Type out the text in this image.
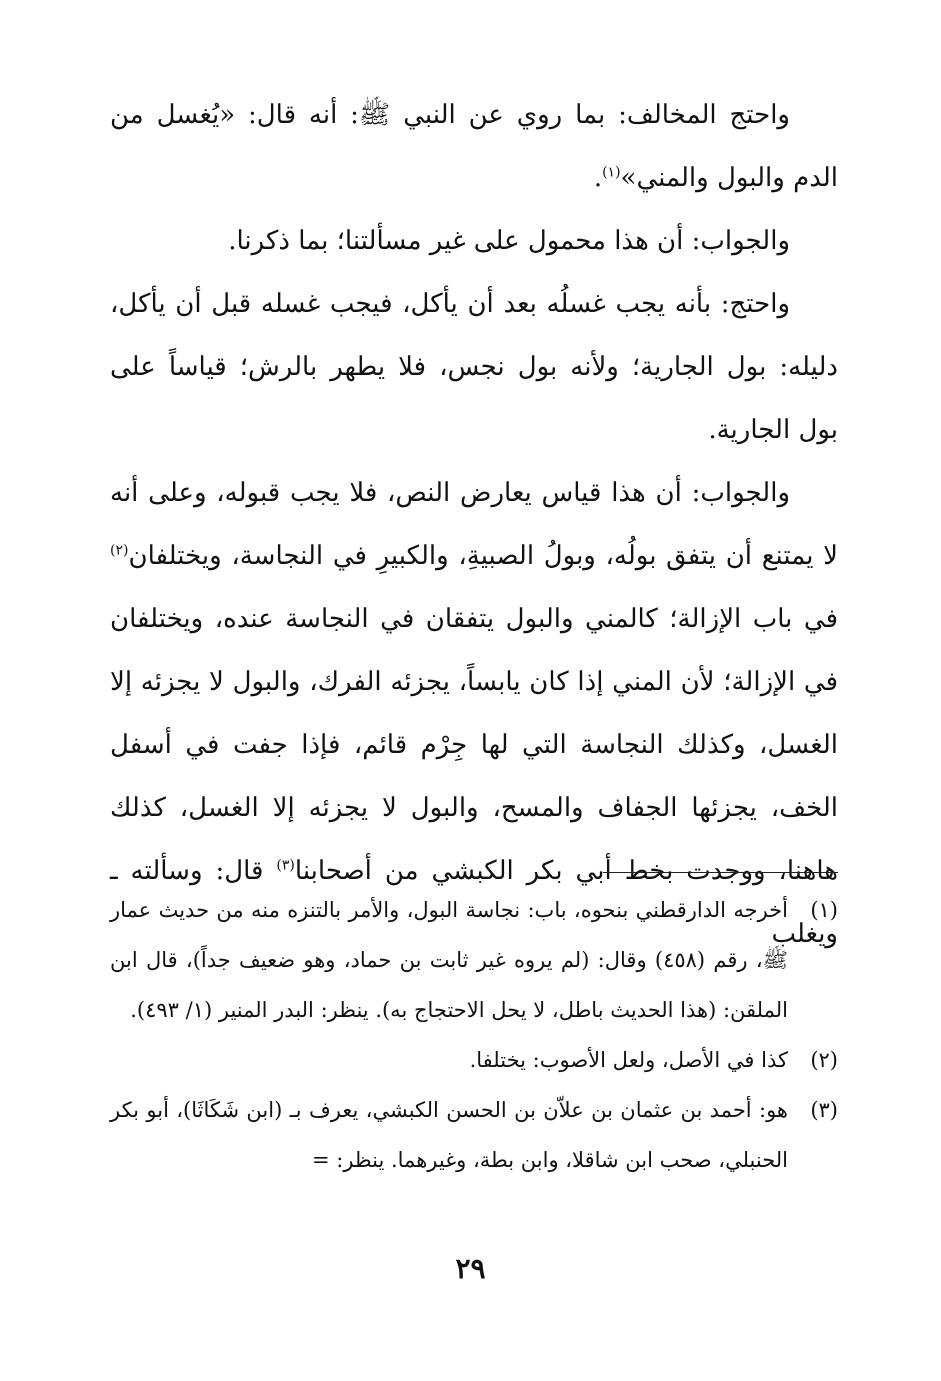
واحتج المخالف: بما روي عن النبي ﷺ: أنه قال: «يُغسل من الدم والبول والمني»$^{(١)}$.

والجواب: أن هذا محمول على غير مسألتنا؛ بما ذكرنا.

واحتج: بأنه يجب غسلُه بعد أن يأكل، فيجب غسله قبل أن يأكل، دليله: بول الجارية؛ ولأنه بول نجس، فلا يطهر بالرش؛ قياساً على بول الجارية.

والجواب: أن هذا قياس يعارض النص، فلا يجب قبوله، وعلى أنه لا يمتنع أن يتفق بولُه، وبولُ الصبيةِ، والكبيرِ في النجاسة، ويختلفان$^{(٢)}$ في باب الإزالة؛ كالمني والبول يتفقان في النجاسة عنده، ويختلفان في الإزالة؛ لأن المني إذا كان يابساً، يجزئه الفرك، والبول لا يجزئه إلا الغسل، وكذلك النجاسة التي لها جِرْم قائم، فإذا جفت في أسفل الخف، يجزئها الجفاف والمسح، والبول لا يجزئه إلا الغسل، كذلك هاهنا، ووجدت بخط أبي بكر الكبشي من أصحابنا$^{(٣)}$ قال: وسألته ـ ويغلب

(١)
أخرجه الدارقطني بنحوه، باب: نجاسة البول، والأمر بالتنزه منه من حديث عمار ﷺ، رقم (٤٥٨) وقال: (لم يروه غير ثابت بن حماد، وهو ضعيف جداً)، قال ابن الملقن: (هذا الحديث باطل، لا يحل الاحتجاج به). ينظر: البدر المنير (١/ ٤٩٣).
(٢)
كذا في الأصل، ولعل الأصوب: يختلفا.
(٣)
هو: أحمد بن عثمان بن علاّن بن الحسن الكبشي، يعرف بـ (ابن شَكَاثَا)، أبو بكر الحنبلي، صحب ابن شاقلا، وابن بطة، وغيرهما. ينظر: =
٢٩
